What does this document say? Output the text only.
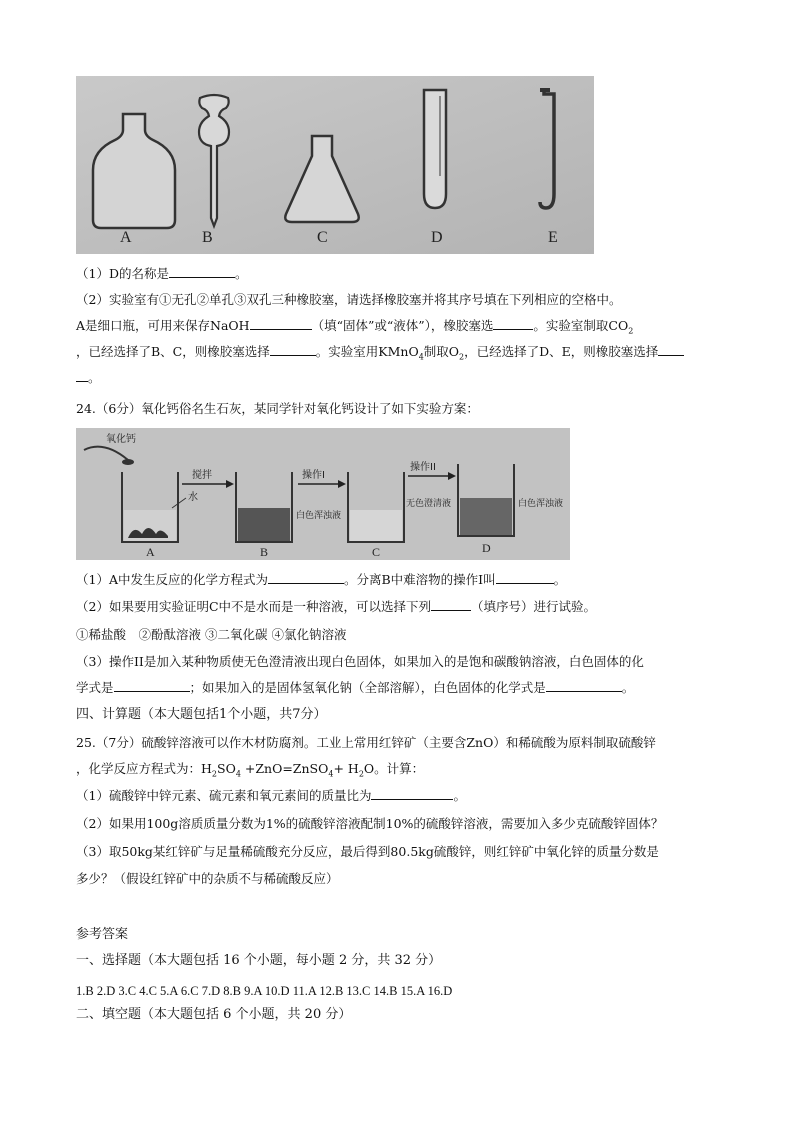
A	B	C	D	E
（1）D的名称是	。
（2）实验室有①无孔②单孔③双孔三种橡胶塞，请选择橡胶塞并将其序号填在下列相应的空格中。
A是细口瓶，可用来保存NaOH	（填“固体”或“液体”），橡胶塞选	。实验室制取$CO_2$
，已经选择了B、C，则橡胶塞选择	。实验室用KMnO$_4$制取$O_2$，已经选择了D、E，则橡胶塞选择
。
24.（6分）氧化钙俗名生石灰，某同学针对氧化钙设计了如下实验方案：
氧化钙
水
搅拌
白色浑浊液
操作I
无色澄清液
操作II
白色浑浊液
A	B	C	D
（1）A中发生反应的化学方程式为	。分离B中难溶物的操作I叫	。
（2）如果要用实验证明C中不是水而是一种溶液，可以选择下列	（填序号）进行试验。
①稀盐酸　②酚酞溶液 ③二氧化碳 ④氯化钠溶液
（3）操作II是加入某种物质使无色澄清液出现白色固体，如果加入的是饱和碳酸钠溶液，白色固体的化
学式是	；如果加入的是固体氢氧化钠（全部溶解），白色固体的化学式是	。
四、计算题（本大题包括1个小题，共7分）
25.（7分）硫酸锌溶液可以作木材防腐剂。工业上常用红锌矿（主要含ZnO）和稀硫酸为原料制取硫酸锌
，化学反应方程式为：$H_2SO_4$ +ZnO=ZnSO$_4$+ $H_2O$。计算：
（1）硫酸锌中锌元素、硫元素和氧元素间的质量比为	。
（2）如果用100g溶质质量分数为1%的硫酸锌溶液配制10%的硫酸锌溶液，需要加入多少克硫酸锌固体？
（3）取50kg某红锌矿与足量稀硫酸充分反应，最后得到80.5kg硫酸锌，则红锌矿中氧化锌的质量分数是
多少？（假设红锌矿中的杂质不与稀硫酸反应）
参考答案
一、选择题（本大题包括 16 个小题，每小题 2 分，共 32 分）
1.B 2.D 3.C 4.C 5.A 6.C 7.D 8.B 9.A 10.D 11.A 12.B 13.C 14.B 15.A 16.D
二、填空题（本大题包括 6 个小题，共 20 分）
